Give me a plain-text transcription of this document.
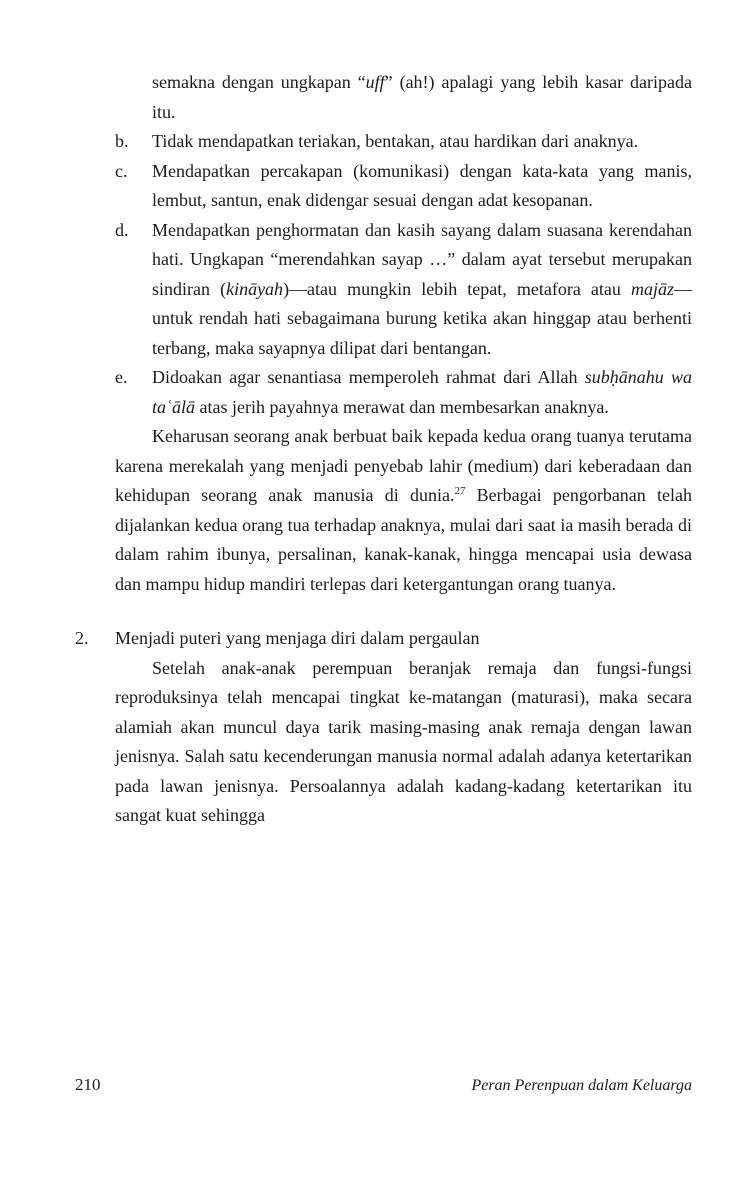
semakna dengan ungkapan “uff” (ah!) apalagi yang lebih kasar daripada itu.
b.	Tidak mendapatkan teriakan, bentakan, atau hardikan dari anaknya.
c.	Mendapatkan percakapan (komunikasi) dengan kata-kata yang manis, lembut, santun, enak didengar sesuai dengan adat kesopanan.
d.	Mendapatkan penghormatan dan kasih sayang dalam suasana kerendahan hati. Ungkapan “merendahkan sayap …” dalam ayat tersebut merupakan sindiran (kināyah)—atau mungkin lebih tepat, metafora atau majāz—untuk rendah hati sebagaimana burung ketika akan hinggap atau berhenti terbang, maka sayapnya dilipat dari bentangan.
e.	Didoakan agar senantiasa memperoleh rahmat dari Allah subḥānahu wa taʿālā atas jerih payahnya merawat dan membesarkan anaknya.
Keharusan seorang anak berbuat baik kepada kedua orang tuanya terutama karena merekalah yang menjadi penyebab lahir (medium) dari keberadaan dan kehidupan seorang anak manusia di dunia.$^{27}$ Berbagai pengorbanan telah dijalankan kedua orang tua terhadap anaknya, mulai dari saat ia masih berada di dalam rahim ibunya, persalinan, kanak-kanak, hingga mencapai usia dewasa dan mampu hidup mandiri terlepas dari ketergantungan orang tuanya.
2.	Menjadi puteri yang menjaga diri dalam pergaulan
Setelah anak-anak perempuan beranjak remaja dan fungsi-fungsi reproduksinya telah mencapai tingkat ke-matangan (maturasi), maka secara alamiah akan muncul daya tarik masing-masing anak remaja dengan lawan jenisnya. Salah satu kecenderungan manusia normal adalah adanya ketertarikan pada lawan jenisnya. Persoalannya adalah kadang-kadang ketertarikan itu sangat kuat sehingga
210	Peran Perenpuan dalam Keluarga
